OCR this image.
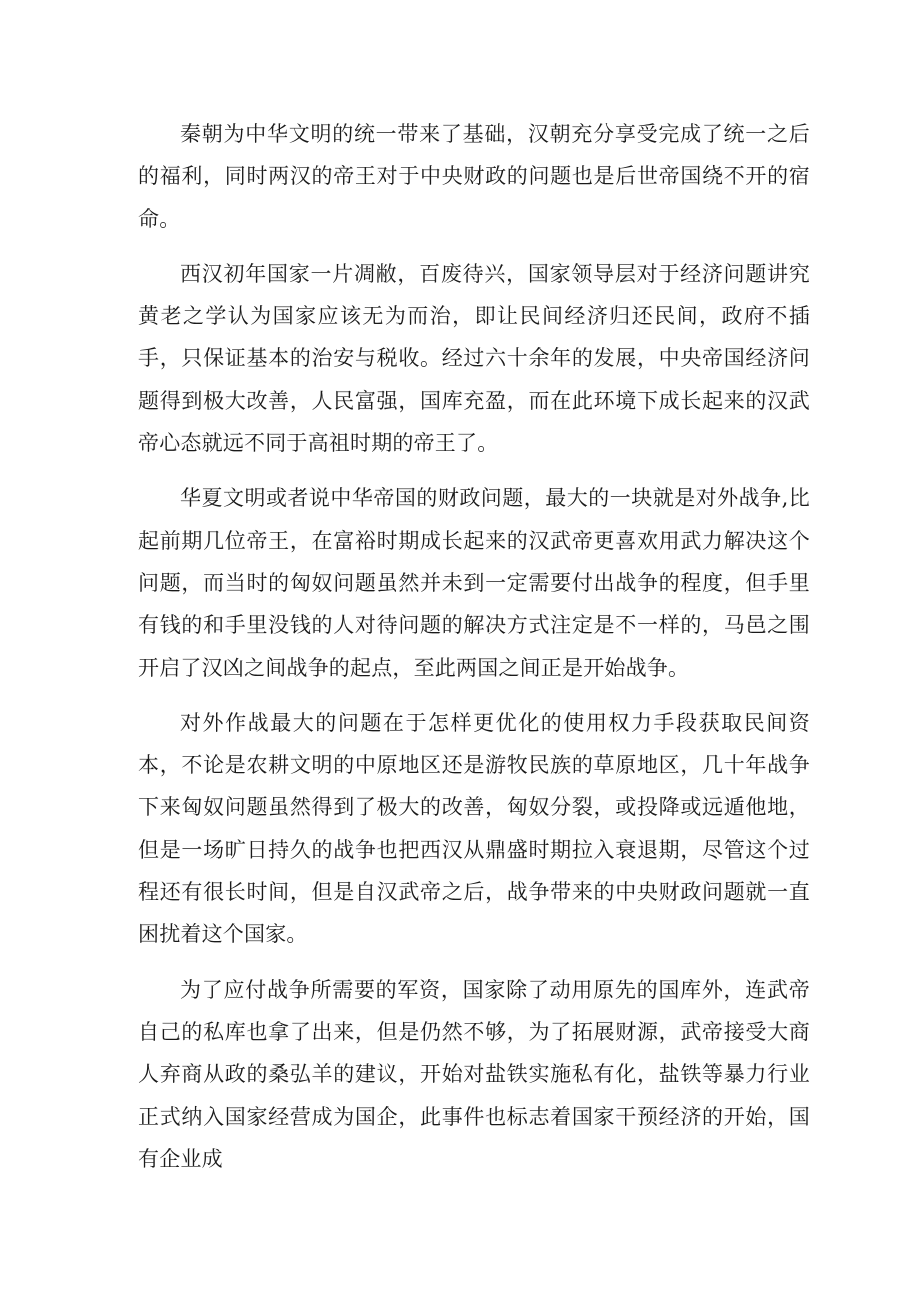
秦朝为中华文明的统一带来了基础，汉朝充分享受完成了统一之后的福利，同时两汉的帝王对于中央财政的问题也是后世帝国绕不开的宿命。

西汉初年国家一片凋敝，百废待兴，国家领导层对于经济问题讲究黄老之学认为国家应该无为而治，即让民间经济归还民间，政府不插手，只保证基本的治安与税收。经过六十余年的发展，中央帝国经济问题得到极大改善，人民富强，国库充盈，而在此环境下成长起来的汉武帝心态就远不同于高祖时期的帝王了。

华夏文明或者说中华帝国的财政问题，最大的一块就是对外战争,比起前期几位帝王，在富裕时期成长起来的汉武帝更喜欢用武力解决这个问题，而当时的匈奴问题虽然并未到一定需要付出战争的程度，但手里有钱的和手里没钱的人对待问题的解决方式注定是不一样的，马邑之围开启了汉凶之间战争的起点，至此两国之间正是开始战争。

对外作战最大的问题在于怎样更优化的使用权力手段获取民间资本，不论是农耕文明的中原地区还是游牧民族的草原地区，几十年战争下来匈奴问题虽然得到了极大的改善，匈奴分裂，或投降或远遁他地，但是一场旷日持久的战争也把西汉从鼎盛时期拉入衰退期，尽管这个过程还有很长时间，但是自汉武帝之后，战争带来的中央财政问题就一直困扰着这个国家。

为了应付战争所需要的军资，国家除了动用原先的国库外，连武帝自己的私库也拿了出来，但是仍然不够，为了拓展财源，武帝接受大商人弃商从政的桑弘羊的建议，开始对盐铁实施私有化，盐铁等暴力行业正式纳入国家经营成为国企，此事件也标志着国家干预经济的开始，国有企业成
